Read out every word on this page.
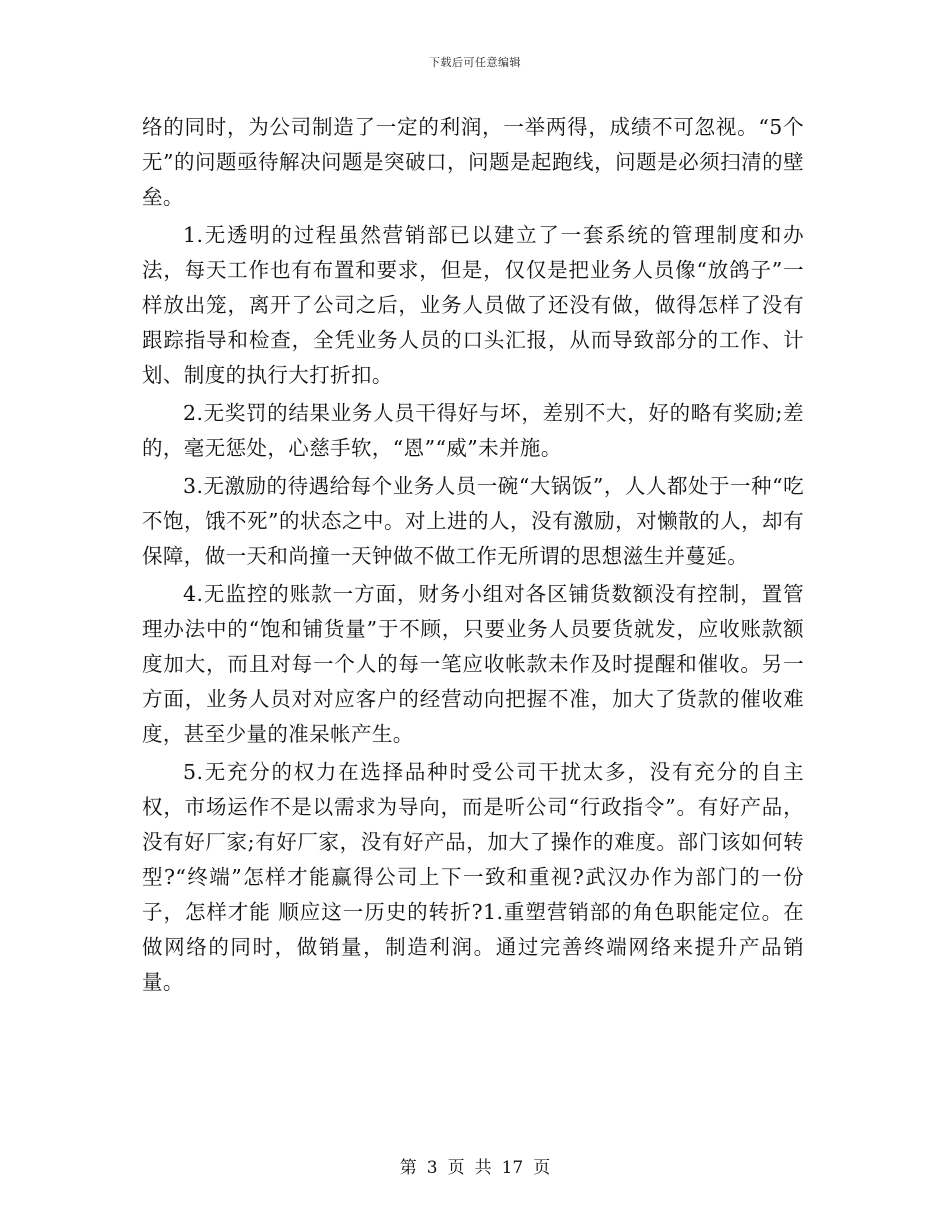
下载后可任意编辑

络的同时，为公司制造了一定的利润，一举两得，成绩不可忽视。“5个无”的问题亟待解决问题是突破口，问题是起跑线，问题是必须扫清的壁垒。

1.无透明的过程虽然营销部已以建立了一套系统的管理制度和办法，每天工作也有布置和要求，但是，仅仅是把业务人员像“放鸽子”一样放出笼，离开了公司之后，业务人员做了还没有做，做得怎样了没有跟踪指导和检查，全凭业务人员的口头汇报，从而导致部分的工作、计划、制度的执行大打折扣。

2.无奖罚的结果业务人员干得好与坏，差别不大，好的略有奖励;差的，毫无惩处，心慈手软，“恩”“威”未并施。

3.无激励的待遇给每个业务人员一碗“大锅饭”，人人都处于一种“吃不饱，饿不死”的状态之中。对上进的人，没有激励，对懒散的人，却有保障，做一天和尚撞一天钟做不做工作无所谓的思想滋生并蔓延。

4.无监控的账款一方面，财务小组对各区铺货数额没有控制，置管理办法中的“饱和铺货量”于不顾，只要业务人员要货就发，应收账款额度加大，而且对每一个人的每一笔应收帐款未作及时提醒和催收。另一方面，业务人员对对应客户的经营动向把握不准，加大了货款的催收难度，甚至少量的准呆帐产生。

5.无充分的权力在选择品种时受公司干扰太多，没有充分的自主权，市场运作不是以需求为导向，而是听公司“行政指令”。有好产品，没有好厂家;有好厂家，没有好产品，加大了操作的难度。部门该如何转型?“终端”怎样才能赢得公司上下一致和重视?武汉办作为部门的一份子，怎样才能 顺应这一历史的转折?1.重塑营销部的角色职能定位。在做网络的同时，做销量，制造利润。通过完善终端网络来提升产品销量。

第 3 页 共 17 页
